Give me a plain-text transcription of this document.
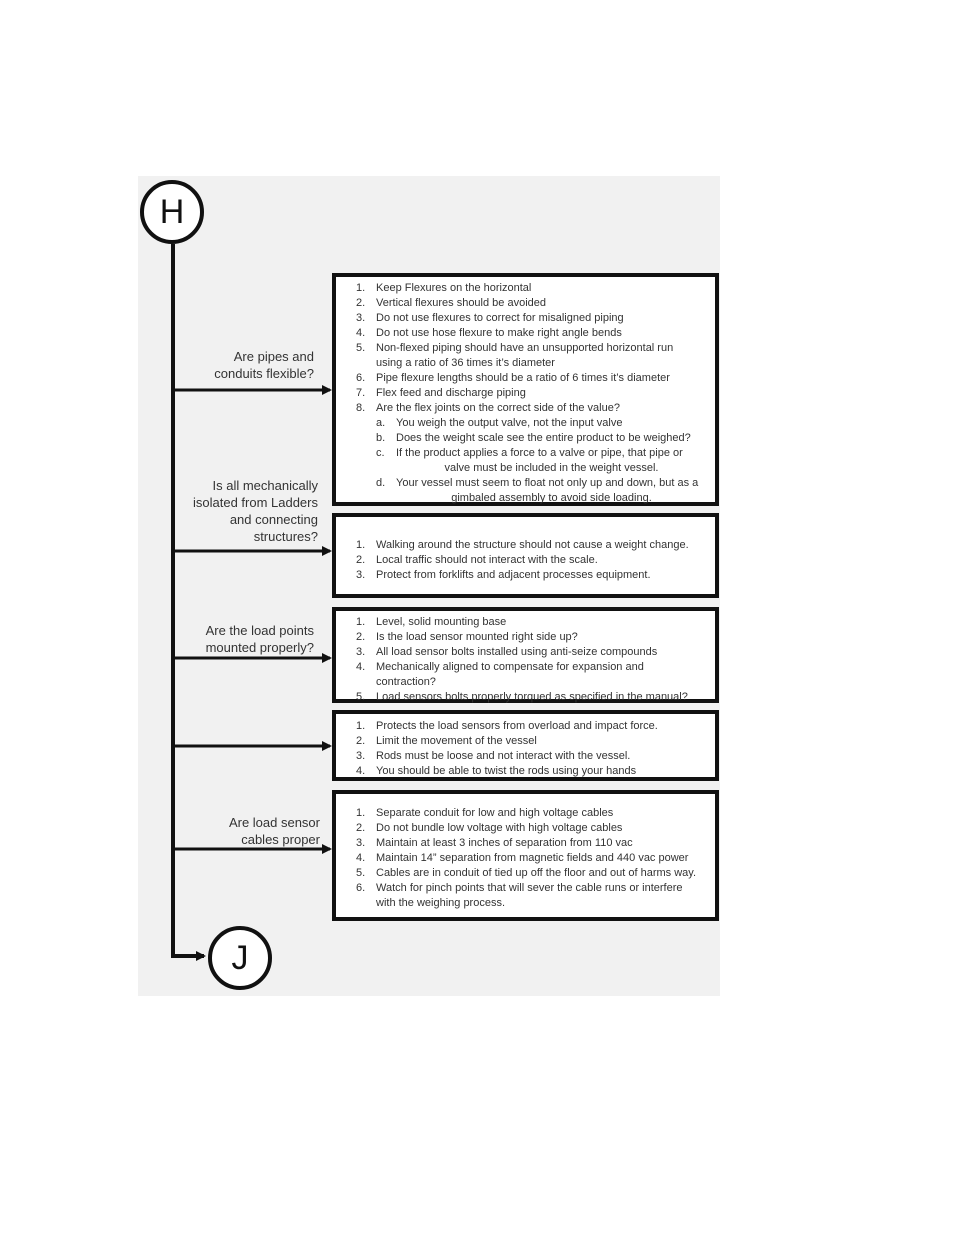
H
J
Are pipes and
conduits flexible?
Is all mechanically
isolated from Ladders
and connecting
structures?
Are the load points
mounted properly?
Are load sensor
cables proper
1. Keep Flexures on the horizontal
2. Vertical flexures should be avoided
3. Do not use flexures to correct for misaligned piping
4. Do not use hose flexure to make right angle bends
5. Non-flexed piping should have an unsupported horizontal run
using a ratio of 36 times it’s diameter
6. Pipe flexure lengths should be a ratio of 6 times it’s diameter
7. Flex feed and discharge piping
8. Are the flex joints on the correct side of the value?
a. You weigh the output valve, not the input valve
b. Does the weight scale see the entire product to be weighed?
c. If the product applies a force to a valve or pipe, that pipe or
valve must be included in the weight vessel.
d. Your vessel must seem to float not only up and down, but as a
gimbaled assembly to avoid side loading.
1. Walking around the structure should not cause a weight change.
2. Local traffic should not interact with the scale.
3. Protect from forklifts and adjacent processes equipment.
1. Level, solid mounting base
2. Is the load sensor mounted right side up?
3. All load sensor bolts installed using anti-seize compounds
4. Mechanically aligned to compensate for expansion and
contraction?
5. Load sensors bolts properly torqued as specified in the manual?
1. Protects the load sensors from overload and impact force.
2. Limit the movement of the vessel
3. Rods must be loose and not interact with the vessel.
4. You should be able to twist the rods using your hands
1. Separate conduit for low and high voltage cables
2. Do not bundle low voltage with high voltage cables
3. Maintain at least 3 inches of separation from 110 vac
4. Maintain 14” separation from magnetic fields and 440 vac power
5. Cables are in conduit of tied up off the floor and out of harms way.
6. Watch for pinch points that will sever the cable runs or interfere
with the weighing process.
